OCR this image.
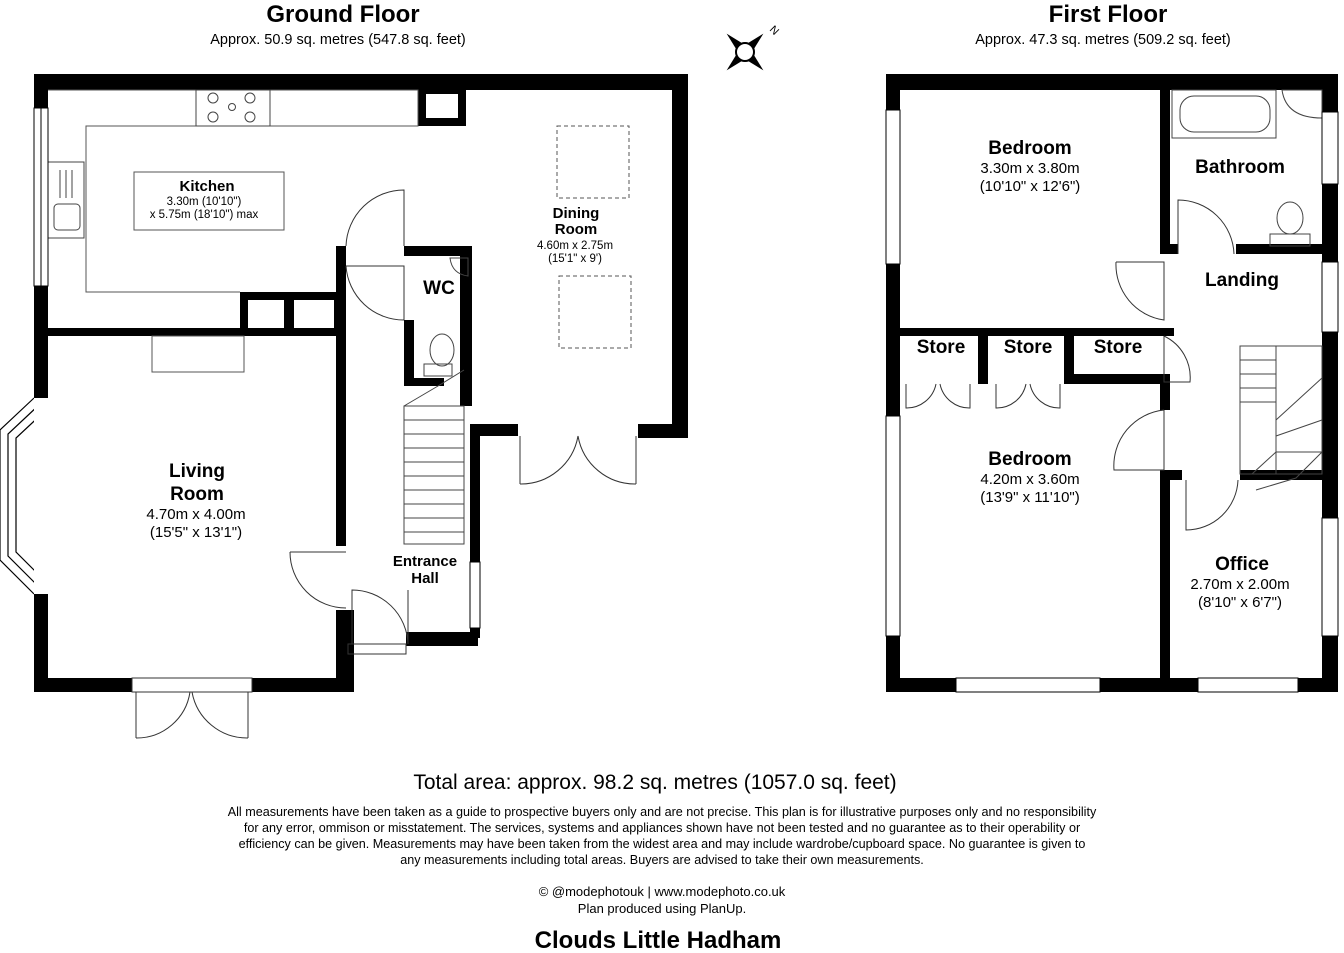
Ground Floor
Approx. 50.9 sq. metres (547.8 sq. feet)
First Floor
Approx. 47.3 sq. metres (509.2 sq. feet)
N
Kitchen
3.30m (10'10")
x 5.75m (18'10") max	Dining
Room
4.60m x 2.75m
(15'1" x 9')
WC
Living
Room
4.70m x 4.00m
(15'5" x 13'1")
Entrance
Hall
Bedroom
3.30m x 3.80m
(10'10" x 12'6")
Bathroom
Landing
Store Store Store
Bedroom
4.20m x 3.60m
(13'9" x 11'10")
Office
2.70m x 2.00m
(8'10" x 6'7")
Total area: approx. 98.2 sq. metres (1057.0 sq. feet)
All measurements have been taken as a guide to prospective buyers only and are not precise. This plan is for illustrative purposes only and no responsibility
for any error, ommison or misstatement. The services, systems and appliances shown have not been tested and no guarantee as to their operability or
efficiency can be given. Measurements may have been taken from the widest area and may include wardrobe/cupboard space. No guarantee is given to
any measurements including total areas. Buyers are advised to take their own measurements.
© @modephotouk | www.modephoto.co.uk
Plan produced using PlanUp.
Clouds Little Hadham
